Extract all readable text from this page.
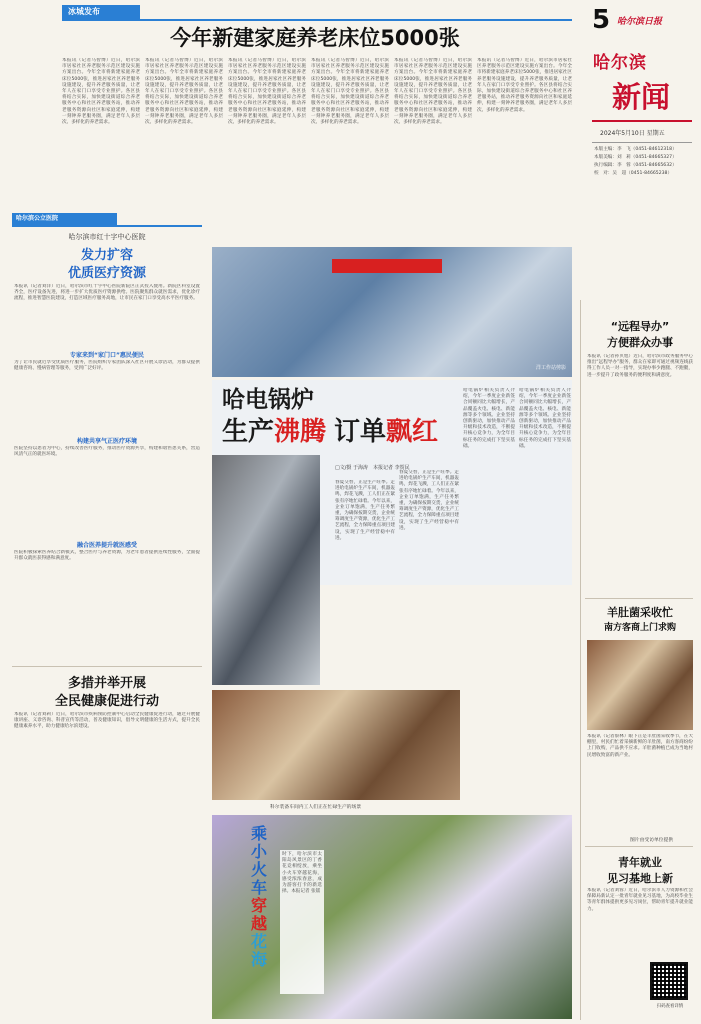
冰城发布
今年新建家庭养老床位5000张
本报讯（记者马智博）近日，哈尔滨市居家社区养老服务示范区建设实施方案出台。今年全市将新建家庭养老床位5000张，推进居家社区养老服务设施建设，提升养老服务质量，让老年人在家门口享受专业照护。各区县将结合实际，加快建设街道综合养老服务中心和社区养老服务站，推动养老服务资源向社区和家庭延伸，构建一刻钟养老服务圈，满足老年人多层次、多样化的养老需求。
本报讯（记者马智博）近日，哈尔滨市居家社区养老服务示范区建设实施方案出台。今年全市将新建家庭养老床位5000张，推进居家社区养老服务设施建设，提升养老服务质量，让老年人在家门口享受专业照护。各区县将结合实际，加快建设街道综合养老服务中心和社区养老服务站，推动养老服务资源向社区和家庭延伸，构建一刻钟养老服务圈，满足老年人多层次、多样化的养老需求。
本报讯（记者马智博）近日，哈尔滨市居家社区养老服务示范区建设实施方案出台。今年全市将新建家庭养老床位5000张，推进居家社区养老服务设施建设，提升养老服务质量，让老年人在家门口享受专业照护。各区县将结合实际，加快建设街道综合养老服务中心和社区养老服务站，推动养老服务资源向社区和家庭延伸，构建一刻钟养老服务圈，满足老年人多层次、多样化的养老需求。
本报讯（记者马智博）近日，哈尔滨市居家社区养老服务示范区建设实施方案出台。今年全市将新建家庭养老床位5000张，推进居家社区养老服务设施建设，提升养老服务质量，让老年人在家门口享受专业照护。各区县将结合实际，加快建设街道综合养老服务中心和社区养老服务站，推动养老服务资源向社区和家庭延伸，构建一刻钟养老服务圈，满足老年人多层次、多样化的养老需求。
本报讯（记者马智博）近日，哈尔滨市居家社区养老服务示范区建设实施方案出台。今年全市将新建家庭养老床位5000张，推进居家社区养老服务设施建设，提升养老服务质量，让老年人在家门口享受专业照护。各区县将结合实际，加快建设街道综合养老服务中心和社区养老服务站，推动养老服务资源向社区和家庭延伸，构建一刻钟养老服务圈，满足老年人多层次、多样化的养老需求。
本报讯（记者马智博）近日，哈尔滨市居家社区养老服务示范区建设实施方案出台。今年全市将新建家庭养老床位5000张，推进居家社区养老服务设施建设，提升养老服务质量，让老年人在家门口享受专业照护。各区县将结合实际，加快建设街道综合养老服务中心和社区养老服务站，推动养老服务资源向社区和家庭延伸，构建一刻钟养老服务圈，满足老年人多层次、多样化的养老需求。
5 哈尔滨日报
哈尔滨
新闻
2024年5月10日 星期五
本版主编：李　飞（0451-84612318）
本版美编：刘　莉（0451-84665327）
执行编辑：李　蓉（0451-84665632）
校　对：吴　超（0451-84665238）
哈尔滨公立医院
哈尔滨市红十字中心医院
发力扩容
优质医疗资源
本报讯（记者刘洋）近日，哈尔滨市红十字中心医院新院区正式投入使用。新院区科室设置齐全，医疗设备先进，将进一步扩大优质医疗资源供给。医院聚焦群众就医需求，优化诊疗流程，推进智慧医院建设，打造区域医疗服务高地，让市民在家门口享受高水平医疗服务。
专家来到“家门口”惠民便民
为了让市民就近享受优质医疗服务，医院组织专家团队深入社区开展义诊活动，为群众提供健康咨询、慢病管理等服务，受到广泛好评。
构建共享气正医疗环境
医院坚持以患者为中心，持续改善医疗服务，推动医疗资源共享，构建和谐医患关系，营造风清气正的就医环境。
融合医养提升就医感受
医院积极探索医养结合新模式，整合医疗与养老资源，为老年患者提供连续性服务，全面提升群众就医获得感和满意度。
多措并举开展
全民健康促进行动
本报讯（记者刘莉）近日，哈尔滨市疾病预防控制中心启动全民健康促进行动，通过开展健康讲座、义诊咨询、科普宣传等活动，普及健康知识，倡导文明健康的生活方式，提升全民健康素养水平，助力健康哈尔滨建设。
洋工作站剪影
哈电锅炉
生产沸腾 订单飘红
□文/摄 于海涛　本报记者 李贺民
春夏交替，正是生产旺季。走进哈电锅炉生产车间，机器轰鸣，焊花飞溅，工人们正在紧张有序地忙碌着。今年以来，企业订单饱满，生产任务繁重，为确保按期交货，企业统筹调度生产资源，优化生产工艺流程，全力保障重点项目建设，实现了生产经营稳中有进。
春夏交替，正是生产旺季。走进哈电锅炉生产车间，机器轰鸣，焊花飞溅，工人们正在紧张有序地忙碌着。今年以来，企业订单饱满，生产任务繁重，为确保按期交货，企业统筹调度生产资源，优化生产工艺流程，全力保障重点项目建设，实现了生产经营稳中有进。
哈电锅炉相关负责人介绍，今年一季度企业新签合同额同比大幅增长，产品覆盖火电、核电、新能源等多个领域。企业坚持创新驱动，加快推动产品升级和技术改造，不断提升核心竞争力，为全年目标任务的完成打下坚实基础。
哈电锅炉相关负责人介绍，今年一季度企业新签合同额同比大幅增长，产品覆盖火电、核电、新能源等多个领域。企业坚持创新驱动，加快推动产品升级和技术改造，不断提升核心竞争力，为全年目标任务的完成打下坚实基础。
科尔装备车间内工人们正在忙碌生产的场景
乘
小火车
穿越
花海
时下，哈尔滨市太阳岛风景区的丁香花竞相绽放，乘坐小火车穿越花海，感受浓浓春意，成为游客打卡的新选择。本报记者 张镭
“远程导办”
方便群众办事
本报讯（记者孙贝旭）近日，哈尔滨市政务服务中心推出“远程导办”服务，群众在家即可通过视频连线获得工作人员一对一指导，实现办事少跑腿、不跑腿，进一步提升了政务服务的便利度和满意度。
羊肚菌采收忙
南方客商上门求购
本报讯（记者蔡林）眼下正是羊肚菌采收季节，在大棚里，村民们忙着采摘新鲜的羊肚菌，南方客商纷纷上门收购，产品供不应求。羊肚菌种植已成为当地村民增收致富的新产业。
图片由受访单位提供
青年就业
见习基地上新
本报讯（记者刘蓉）近日，哈尔滨市人力资源和社会保障局新认定一批青年就业见习基地，为高校毕业生等青年群体提供更多见习岗位，帮助青年提升就业能力。
扫码查看详情
